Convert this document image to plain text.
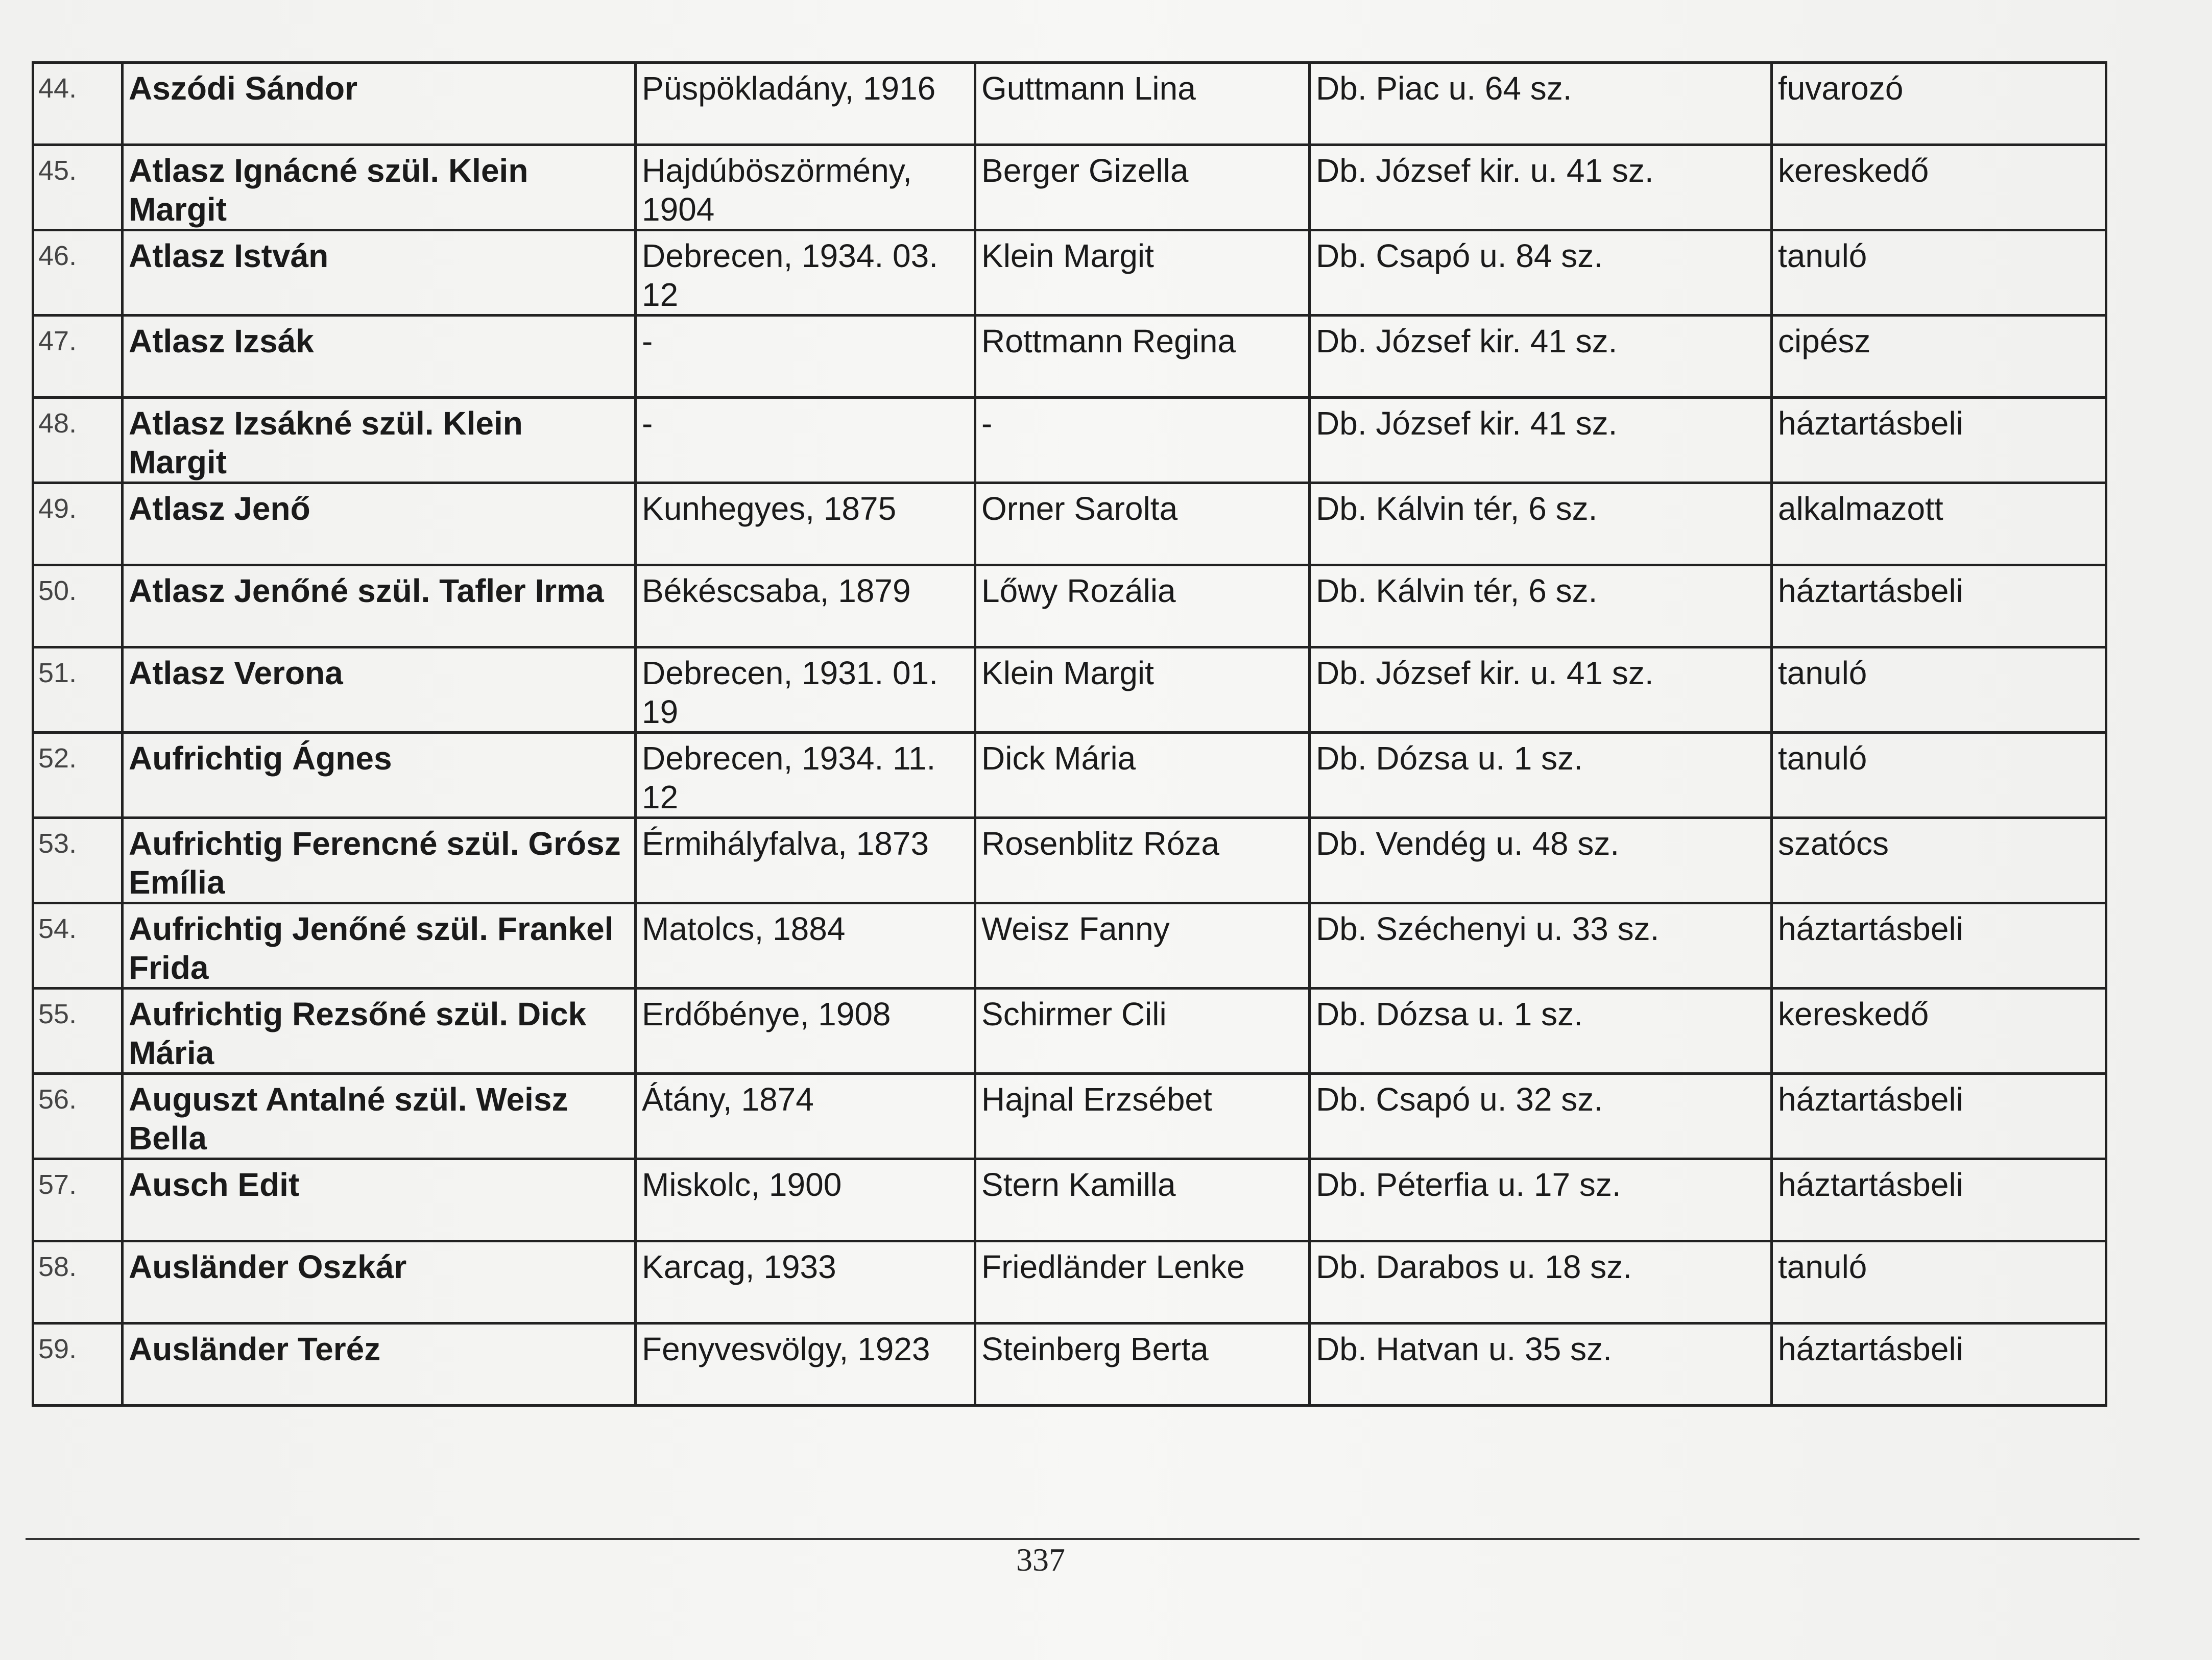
44.	Aszódi Sándor	Püspökladány, 1916	Guttmann Lina	Db. Piac u. 64 sz.	fuvarozó
45.	Atlasz Ignácné szül. Klein Margit	Hajdúböszörmény, 1904	Berger Gizella	Db. József kir. u. 41 sz.	kereskedő
46.	Atlasz István	Debrecen, 1934. 03. 12	Klein Margit	Db. Csapó u. 84 sz.	tanuló
47.	Atlasz Izsák	-	Rottmann Regina	Db. József kir. 41 sz.	cipész
48.	Atlasz Izsákné szül. Klein Margit	-	-	Db. József kir. 41 sz.	háztartásbeli
49.	Atlasz Jenő	Kunhegyes, 1875	Orner Sarolta	Db. Kálvin tér, 6 sz.	alkalmazott
50.	Atlasz Jenőné szül. Tafler Irma	Békéscsaba, 1879	Lőwy Rozália	Db. Kálvin tér, 6 sz.	háztartásbeli
51.	Atlasz Verona	Debrecen, 1931. 01. 19	Klein Margit	Db. József kir. u. 41 sz.	tanuló
52.	Aufrichtig Ágnes	Debrecen, 1934. 11. 12	Dick Mária	Db. Dózsa u. 1 sz.	tanuló
53.	Aufrichtig Ferencné szül. Grósz Emília	Érmihályfalva, 1873	Rosenblitz Róza	Db. Vendég u. 48 sz.	szatócs
54.	Aufrichtig Jenőné szül. Frankel Frida	Matolcs, 1884	Weisz Fanny	Db. Széchenyi u. 33 sz.	háztartásbeli
55.	Aufrichtig Rezsőné szül. Dick Mária	Erdőbénye, 1908	Schirmer Cili	Db. Dózsa u. 1 sz.	kereskedő
56.	Auguszt Antalné szül. Weisz Bella	Átány, 1874	Hajnal Erzsébet	Db. Csapó u. 32 sz.	háztartásbeli
57.	Ausch Edit	Miskolc, 1900	Stern Kamilla	Db. Péterfia u. 17 sz.	háztartásbeli
58.	Ausländer Oszkár	Karcag, 1933	Friedländer Lenke	Db. Darabos u. 18 sz.	tanuló
59.	Ausländer Teréz	Fenyvesvölgy, 1923	Steinberg Berta	Db. Hatvan u. 35 sz.	háztartásbeli
337
